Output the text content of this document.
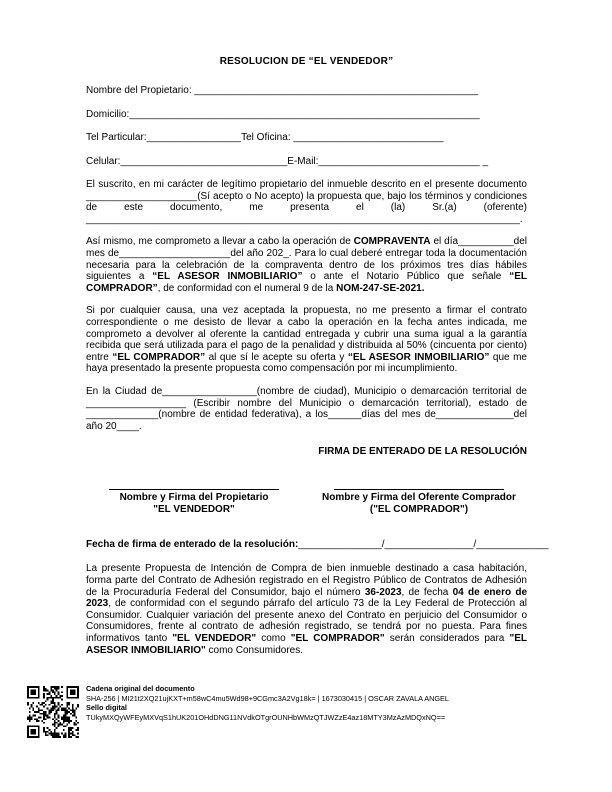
RESOLUCION DE “EL VENDEDOR”
Nombre del Propietario: ___________________________________________________
Domicilio:_______________________________________________________________
Tel Particular:_________________Tel Oficina: ___________________________
Celular:______________________________E-Mail:_____________________________ _

El suscrito, en mi carácter de legítimo propietario del inmueble descrito en el presente documento ____________________(Sí acepto o No acepto) la propuesta que, bajo los términos y condiciones de este documento, me presenta el (la) Sr.(a) (oferente) ______________________________________________________________________________.

Así mismo, me comprometo a llevar a cabo la operación de COMPRAVENTA el día__________del mes de____________________del año 202_. Para lo cual deberé entregar toda la documentación necesaria para la celebración de la compraventa dentro de los próximos tres días hábiles siguientes a “EL ASESOR INMOBILIARIO” o ante el Notario Público que señale “EL COMPRADOR”, de conformidad con el numeral 9 de la NOM-247-SE-2021.

Si por cualquier causa, una vez aceptada la propuesta, no me presento a firmar el contrato correspondiente o me desisto de llevar a cabo la operación en la fecha antes indicada, me comprometo a devolver al oferente la cantidad entregada y cubrir una suma igual a la garantía recibida que será utilizada para el pago de la penalidad y distribuida al 50% (cincuenta por ciento) entre “EL COMPRADOR” al que sí le acepte su oferta y “EL ASESOR INMOBILIARIO” que me haya presentado la presente propuesta como compensación por mi incumplimiento.

En la Ciudad de_________________(nombre de ciudad), Municipio o demarcación territorial de __________________ (Escribir nombre del Municipio o demarcación territorial), estado de _____________(nombre de entidad federativa), a los______días del mes de______________del año 20____.

FIRMA DE ENTERADO DE LA RESOLUCIÓN
Nombre y Firma del Propietario
"EL VENDEDOR"
Nombre y Firma del Oferente Comprador
("EL COMPRADOR")
Fecha de firma de enterado de la resolución:_______________/________________/_____________

La presente Propuesta de Intención de Compra de bien inmueble destinado a casa habitación, forma parte del Contrato de Adhesión registrado en el Registro Público de Contratos de Adhesión de la Procuraduría Federal del Consumidor, bajo el número 36-2023, de fecha 04 de enero de 2023, de conformidad con el segundo párrafo del artículo 73 de la Ley Federal de Protección al Consumidor. Cualquier variación del presente anexo del Contrato en perjuicio del Consumidor o Consumidores, frente al contrato de adhesión registrado, se tendrá por no puesta. Para fines informativos tanto "EL VENDEDOR" como "EL COMPRADOR" serán considerados para "EL ASESOR INMOBILIARIO" como Consumidores.

Cadena original del documento
SHA-256 | MI21t2XQ21ujKXT+m58wC4mu5Wd98+9CGmc3A2Vg18k= | 1673030415 | OSCAR ZAVALA ANGEL
Sello digital
TUkyMXQyWFEyMXVqS1hUK201OHdDNG11NVdkOTgrOUNHbWMzQTJWZzE4az18MTY3MzAzMDQxNQ==
